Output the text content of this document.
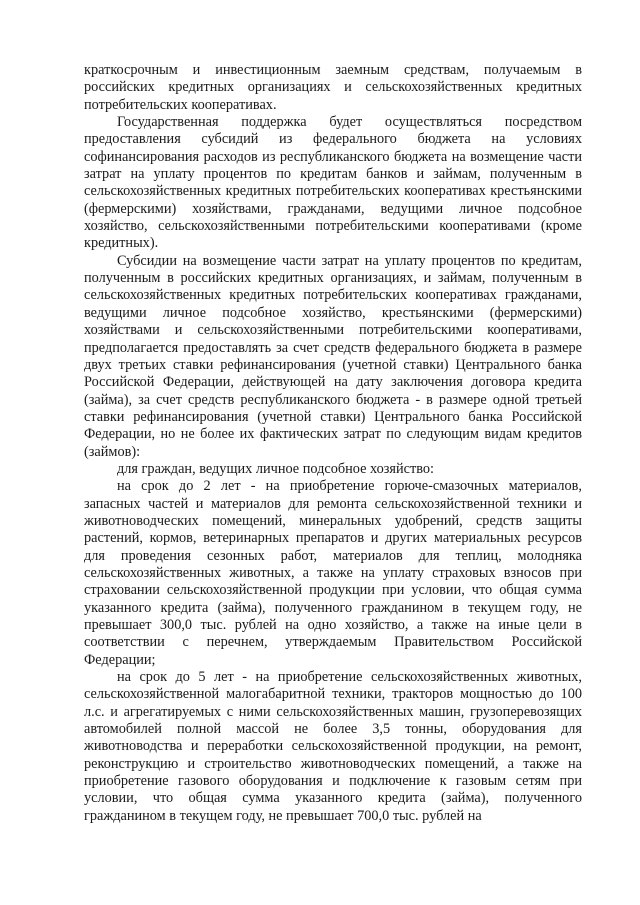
краткосрочным и инвестиционным заемным средствам, получаемым в российских кредитных организациях и сельскохозяйственных кредитных потребительских кооперативах.

Государственная поддержка будет осуществляться посредством предоставления субсидий из федерального бюджета на условиях софинансирования расходов из республиканского бюджета на возмещение части затрат на уплату процентов по кредитам банков и займам, полученным в сельскохозяйственных кредитных потребительских кооперативах крестьянскими (фермерскими) хозяйствами, гражданами, ведущими личное подсобное хозяйство, сельскохозяйственными потребительскими кооперативами (кроме кредитных).

Субсидии на возмещение части затрат на уплату процентов по кредитам, полученным в российских кредитных организациях, и займам, полученным в сельскохозяйственных кредитных потребительских кооперативах гражданами, ведущими личное подсобное хозяйство, крестьянскими (фермерскими) хозяйствами и сельскохозяйственными потребительскими кооперативами, предполагается предоставлять за счет средств федерального бюджета в размере двух третьих ставки рефинансирования (учетной ставки) Центрального банка Российской Федерации, действующей на дату заключения договора кредита (займа), за счет средств республиканского бюджета - в размере одной третьей ставки рефинансирования (учетной ставки) Центрального банка Российской Федерации, но не более их фактических затрат по следующим видам кредитов (займов):

для граждан, ведущих личное подсобное хозяйство:

на срок до 2 лет - на приобретение горюче-смазочных материалов, запасных частей и материалов для ремонта сельскохозяйственной техники и животноводческих помещений, минеральных удобрений, средств защиты растений, кормов, ветеринарных препаратов и других материальных ресурсов для проведения сезонных работ, материалов для теплиц, молодняка сельскохозяйственных животных, а также на уплату страховых взносов при страховании сельскохозяйственной продукции при условии, что общая сумма указанного кредита (займа), полученного гражданином в текущем году, не превышает 300,0 тыс. рублей на одно хозяйство, а также на иные цели в соответствии с перечнем, утверждаемым Правительством Российской Федерации;

на срок до 5 лет - на приобретение сельскохозяйственных животных, сельскохозяйственной малогабаритной техники, тракторов мощностью до 100 л.с. и агрегатируемых с ними сельскохозяйственных машин, грузоперевозящих автомобилей полной массой не более 3,5 тонны, оборудования для животноводства и переработки сельскохозяйственной продукции, на ремонт, реконструкцию и строительство животноводческих помещений, а также на приобретение газового оборудования и подключение к газовым сетям при условии, что общая сумма указанного кредита (займа), полученного гражданином в текущем году, не превышает 700,0 тыс. рублей на
